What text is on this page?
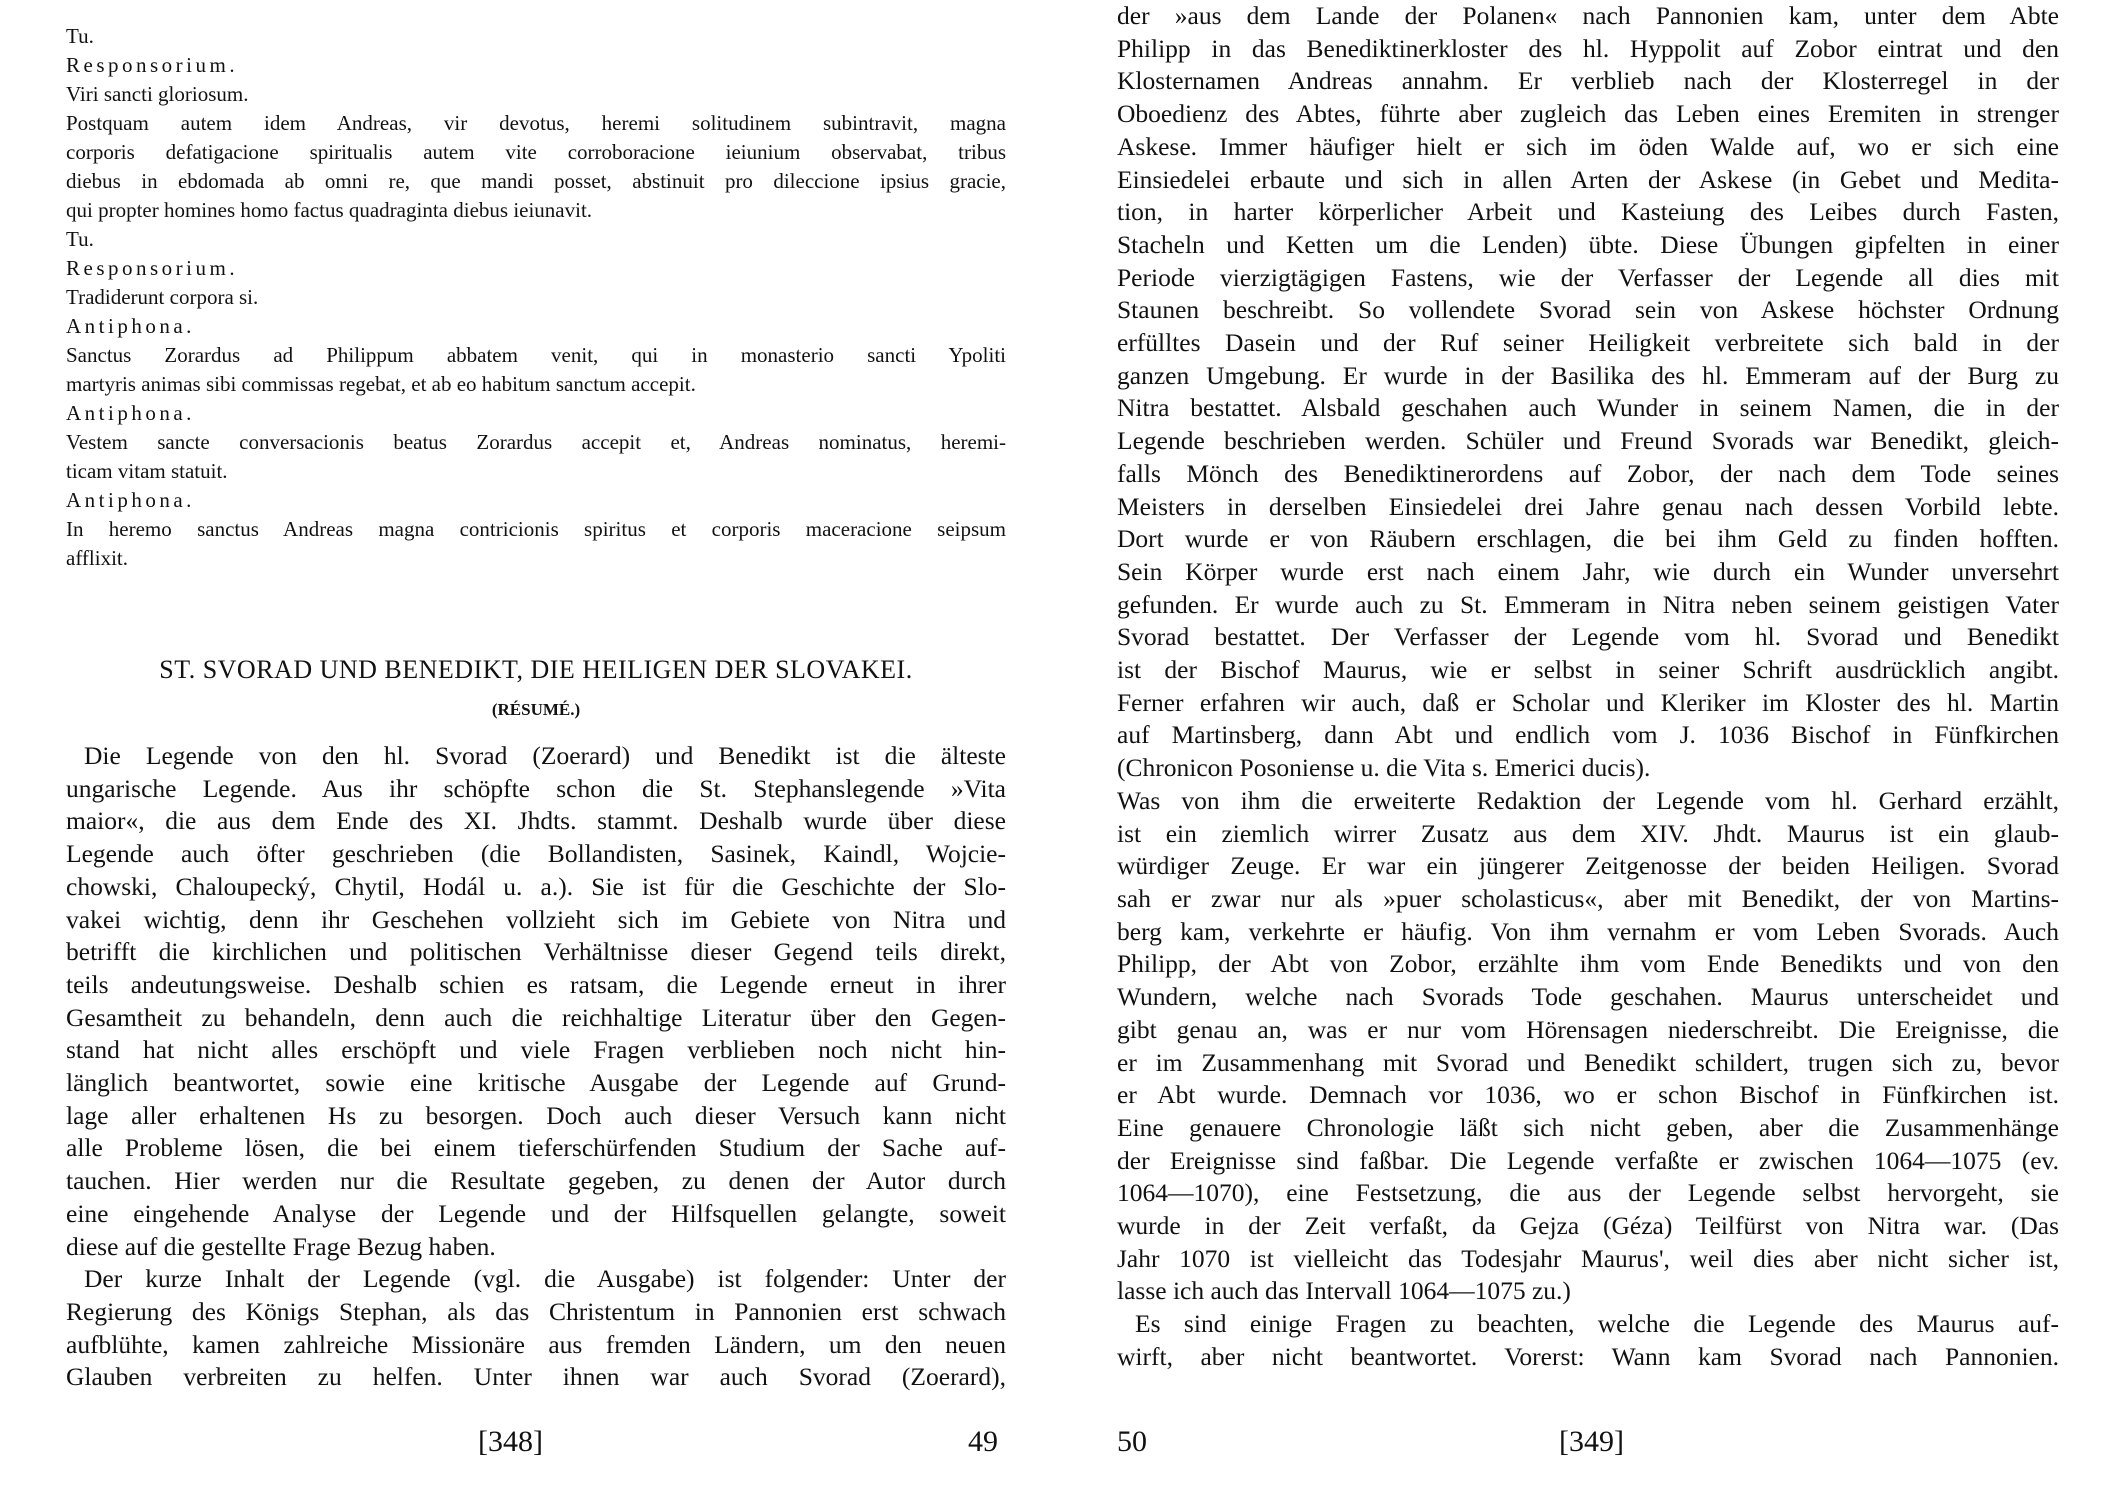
Tu.

Responsorium.

Viri sancti gloriosum.

Postquam autem idem Andreas, vir devotus, heremi solitudinem subintravit, magna

corporis defatigacione spiritualis autem vite corroboracione ieiunium observabat, tribus

diebus in ebdomada ab omni re, que mandi posset, abstinuit pro dileccione ipsius gracie,

qui propter homines homo factus quadraginta diebus ieiunavit.

Tu.

Responsorium.

Tradiderunt corpora si.

Antiphona.

Sanctus Zorardus ad Philippum abbatem venit, qui in monasterio sancti Ypoliti

martyris animas sibi commissas regebat, et ab eo habitum sanctum accepit.

Antiphona.

Vestem sancte conversacionis beatus Zorardus accepit et, Andreas nominatus, heremi-

ticam vitam statuit.

Antiphona.

In heremo sanctus Andreas magna contricionis spiritus et corporis maceracione seipsum

afflixit.

ST. SVORAD UND BENEDIKT, DIE HEILIGEN DER SLOVAKEI.

(RÉSUMÉ.)

Die Legende von den hl. Svorad (Zoerard) und Benedikt ist die älteste

ungarische Legende. Aus ihr schöpfte schon die St. Stephanslegende »Vita

maior«, die aus dem Ende des XI. Jhdts. stammt. Deshalb wurde über diese

Legende auch öfter geschrieben (die Bollandisten, Sasinek, Kaindl, Wojcie-

chowski, Chaloupecký, Chytil, Hodál u. a.). Sie ist für die Geschichte der Slo-

vakei wichtig, denn ihr Geschehen vollzieht sich im Gebiete von Nitra und

betrifft die kirchlichen und politischen Verhältnisse dieser Gegend teils direkt,

teils andeutungsweise. Deshalb schien es ratsam, die Legende erneut in ihrer

Gesamtheit zu behandeln, denn auch die reichhaltige Literatur über den Gegen-

stand hat nicht alles erschöpft und viele Fragen verblieben noch nicht hin-

länglich beantwortet, sowie eine kritische Ausgabe der Legende auf Grund-

lage aller erhaltenen Hs zu besorgen. Doch auch dieser Versuch kann nicht

alle Probleme lösen, die bei einem tieferschürfenden Studium der Sache auf-

tauchen. Hier werden nur die Resultate gegeben, zu denen der Autor durch

eine eingehende Analyse der Legende und der Hilfsquellen gelangte, soweit

diese auf die gestellte Frage Bezug haben.

Der kurze Inhalt der Legende (vgl. die Ausgabe) ist folgender: Unter der

Regierung des Königs Stephan, als das Christentum in Pannonien erst schwach

aufblühte, kamen zahlreiche Missionäre aus fremden Ländern, um den neuen

Glauben verbreiten zu helfen. Unter ihnen war auch Svorad (Zoerard),

[348]	49

der »aus dem Lande der Polanen« nach Pannonien kam, unter dem Abte

Philipp in das Benediktinerkloster des hl. Hyppolit auf Zobor eintrat und den

Klosternamen Andreas annahm. Er verblieb nach der Klosterregel in der

Oboedienz des Abtes, führte aber zugleich das Leben eines Eremiten in strenger

Askese. Immer häufiger hielt er sich im öden Walde auf, wo er sich eine

Einsiedelei erbaute und sich in allen Arten der Askese (in Gebet und Medita-

tion, in harter körperlicher Arbeit und Kasteiung des Leibes durch Fasten,

Stacheln und Ketten um die Lenden) übte. Diese Übungen gipfelten in einer

Periode vierzigtägigen Fastens, wie der Verfasser der Legende all dies mit

Staunen beschreibt. So vollendete Svorad sein von Askese höchster Ordnung

erfülltes Dasein und der Ruf seiner Heiligkeit verbreitete sich bald in der

ganzen Umgebung. Er wurde in der Basilika des hl. Emmeram auf der Burg zu

Nitra bestattet. Alsbald geschahen auch Wunder in seinem Namen, die in der

Legende beschrieben werden. Schüler und Freund Svorads war Benedikt, gleich-

falls Mönch des Benediktinerordens auf Zobor, der nach dem Tode seines

Meisters in derselben Einsiedelei drei Jahre genau nach dessen Vorbild lebte.

Dort wurde er von Räubern erschlagen, die bei ihm Geld zu finden hofften.

Sein Körper wurde erst nach einem Jahr, wie durch ein Wunder unversehrt

gefunden. Er wurde auch zu St. Emmeram in Nitra neben seinem geistigen Vater

Svorad bestattet. Der Verfasser der Legende vom hl. Svorad und Benedikt

ist der Bischof Maurus, wie er selbst in seiner Schrift ausdrücklich angibt.

Ferner erfahren wir auch, daß er Scholar und Kleriker im Kloster des hl. Martin

auf Martinsberg, dann Abt und endlich vom J. 1036 Bischof in Fünfkirchen

(Chronicon Posoniense u. die Vita s. Emerici ducis).

Was von ihm die erweiterte Redaktion der Legende vom hl. Gerhard erzählt,

ist ein ziemlich wirrer Zusatz aus dem XIV. Jhdt. Maurus ist ein glaub-

würdiger Zeuge. Er war ein jüngerer Zeitgenosse der beiden Heiligen. Svorad

sah er zwar nur als »puer scholasticus«, aber mit Benedikt, der von Martins-

berg kam, verkehrte er häufig. Von ihm vernahm er vom Leben Svorads. Auch

Philipp, der Abt von Zobor, erzählte ihm vom Ende Benedikts und von den

Wundern, welche nach Svorads Tode geschahen. Maurus unterscheidet und

gibt genau an, was er nur vom Hörensagen niederschreibt. Die Ereignisse, die

er im Zusammenhang mit Svorad und Benedikt schildert, trugen sich zu, bevor

er Abt wurde. Demnach vor 1036, wo er schon Bischof in Fünfkirchen ist.

Eine genauere Chronologie läßt sich nicht geben, aber die Zusammenhänge

der Ereignisse sind faßbar. Die Legende verfaßte er zwischen 1064—1075 (ev.

1064—1070), eine Festsetzung, die aus der Legende selbst hervorgeht, sie

wurde in der Zeit verfaßt, da Gejza (Géza) Teilfürst von Nitra war. (Das

Jahr 1070 ist vielleicht das Todesjahr Maurus', weil dies aber nicht sicher ist,

lasse ich auch das Intervall 1064—1075 zu.)

Es sind einige Fragen zu beachten, welche die Legende des Maurus auf-

wirft, aber nicht beantwortet. Vorerst: Wann kam Svorad nach Pannonien.

50	[349]
